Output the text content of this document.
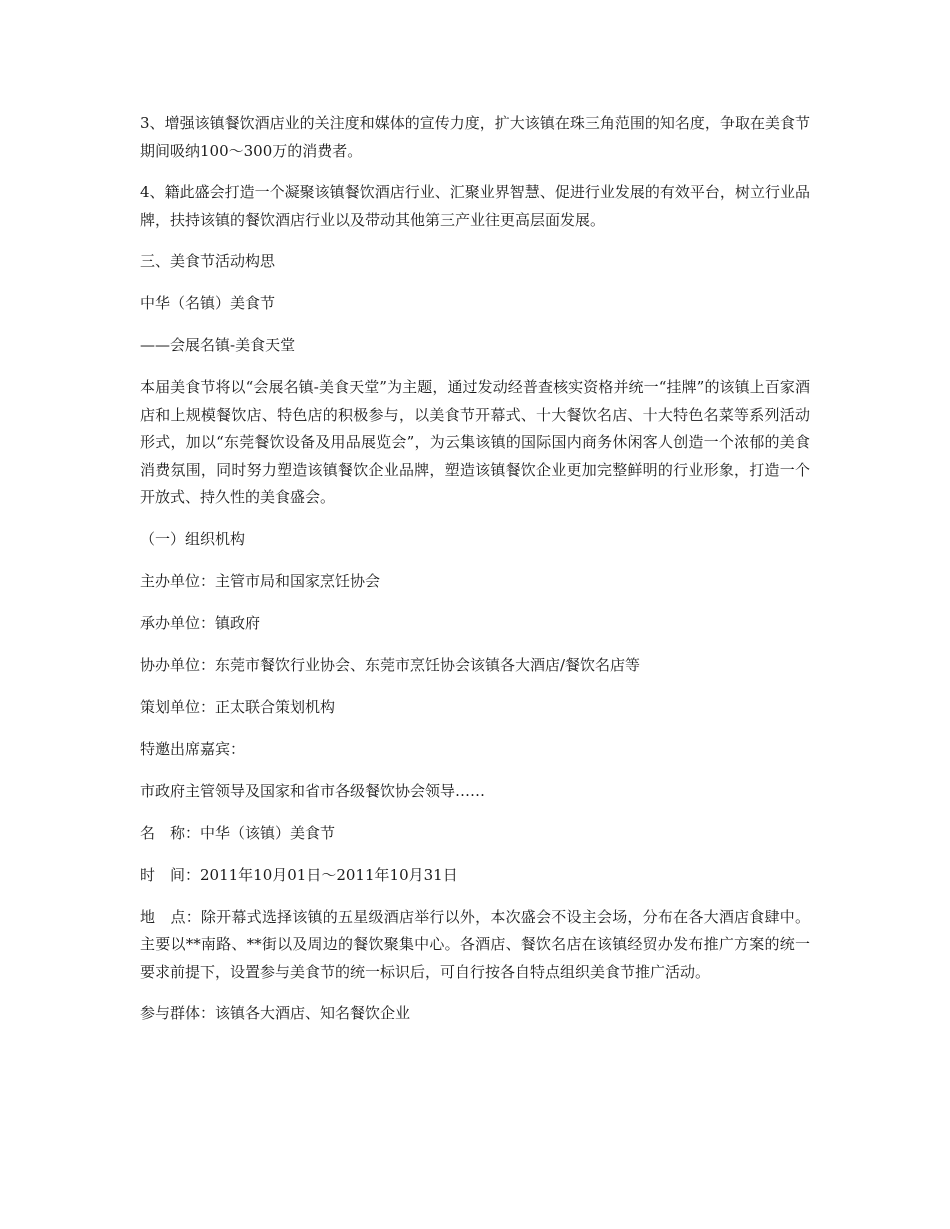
3、增强该镇餐饮酒店业的关注度和媒体的宣传力度，扩大该镇在珠三角范围的知名度，争取在美食节期间吸纳100～300万的消费者。

4、籍此盛会打造一个凝聚该镇餐饮酒店行业、汇聚业界智慧、促进行业发展的有效平台，树立行业品牌，扶持该镇的餐饮酒店行业以及带动其他第三产业往更高层面发展。

三、美食节活动构思

中华（名镇）美食节

——会展名镇-美食天堂

本届美食节将以“会展名镇-美食天堂”为主题，通过发动经普查核实资格并统一“挂牌”的该镇上百家酒店和上规模餐饮店、特色店的积极参与，以美食节开幕式、十大餐饮名店、十大特色名菜等系列活动形式，加以“东莞餐饮设备及用品展览会”，为云集该镇的国际国内商务休闲客人创造一个浓郁的美食消费氛围，同时努力塑造该镇餐饮企业品牌，塑造该镇餐饮企业更加完整鲜明的行业形象，打造一个开放式、持久性的美食盛会。

（一）组织机构

主办单位：主管市局和国家烹饪协会

承办单位：镇政府

协办单位：东莞市餐饮行业协会、东莞市烹饪协会该镇各大酒店/餐饮名店等

策划单位：正太联合策划机构

特邀出席嘉宾：

市政府主管领导及国家和省市各级餐饮协会领导……

名　称：中华（该镇）美食节

时　间：2011年10月01日～2011年10月31日

地　点：除开幕式选择该镇的五星级酒店举行以外，本次盛会不设主会场，分布在各大酒店食肆中。主要以**南路、**街以及周边的餐饮聚集中心。各酒店、餐饮名店在该镇经贸办发布推广方案的统一要求前提下，设置参与美食节的统一标识后，可自行按各自特点组织美食节推广活动。

参与群体：该镇各大酒店、知名餐饮企业
